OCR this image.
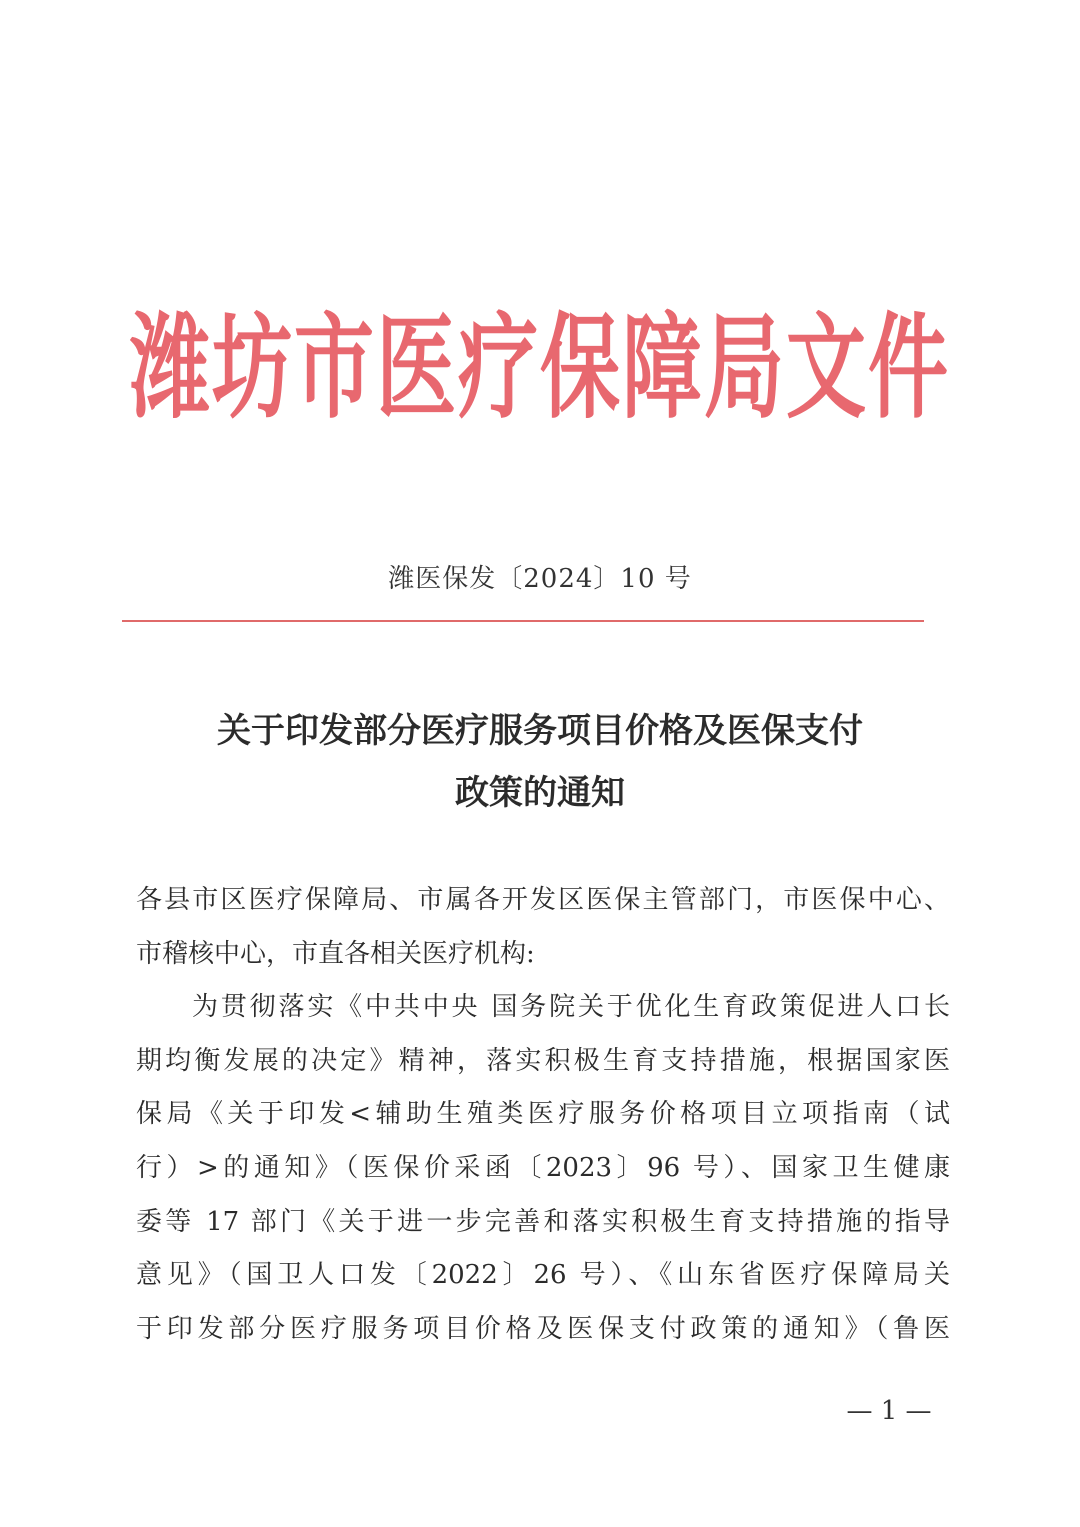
潍坊市医疗保障局文件
潍医保发〔2024〕10 号
关于印发部分医疗服务项目价格及医保支付
政策的通知
各县市区医疗保障局、市属各开发区医保主管部门，市医保中心、
市稽核中心，市直各相关医疗机构:
为贯彻落实《中共中央 国务院关于优化生育政策促进人口长
期均衡发展的决定》精神，落实积极生育支持措施，根据国家医
保局《关于印发<辅助生殖类医疗服务价格项目立项指南（试
行）>的通知》（医保价采函〔2023〕96 号）、国家卫生健康
委等 17 部门《关于进一步完善和落实积极生育支持措施的指导
意见》（国卫人口发〔2022〕26 号）、《山东省医疗保障局关
于印发部分医疗服务项目价格及医保支付政策的通知》（鲁医
— 1 —
